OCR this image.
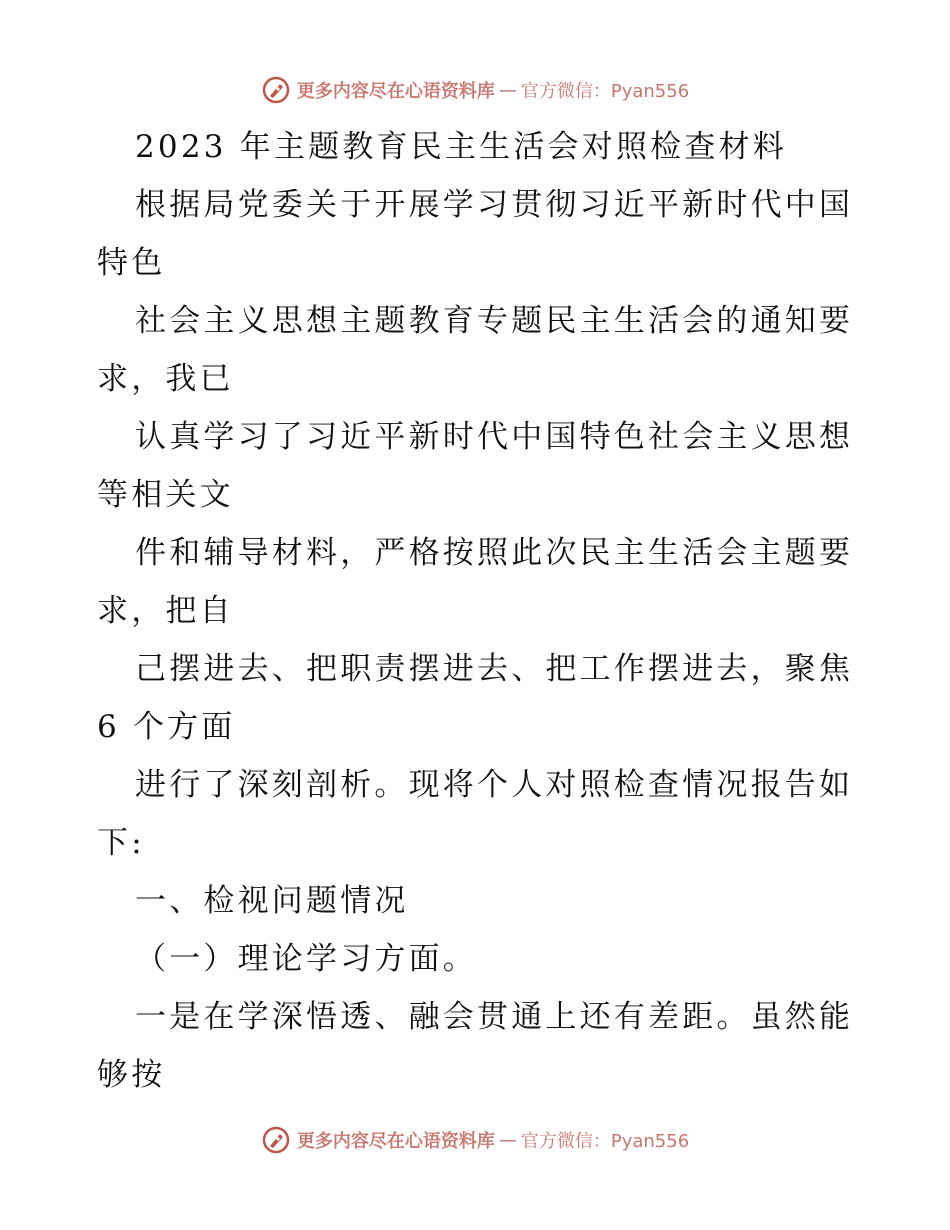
更多内容尽在心语资料库 — 官方微信：Pyan556
2023 年主题教育民主生活会对照检查材料
根据局党委关于开展学习贯彻习近平新时代中国
特色
社会主义思想主题教育专题民主生活会的通知要
求，我已
认真学习了习近平新时代中国特色社会主义思想
等相关文
件和辅导材料，严格按照此次民主生活会主题要
求，把自
己摆进去、把职责摆进去、把工作摆进去，聚焦
6 个方面
进行了深刻剖析。现将个人对照检查情况报告如
下:
一、检视问题情况
（一）理论学习方面。
一是在学深悟透、融会贯通上还有差距。虽然能
够按
更多内容尽在心语资料库 — 官方微信：Pyan556
